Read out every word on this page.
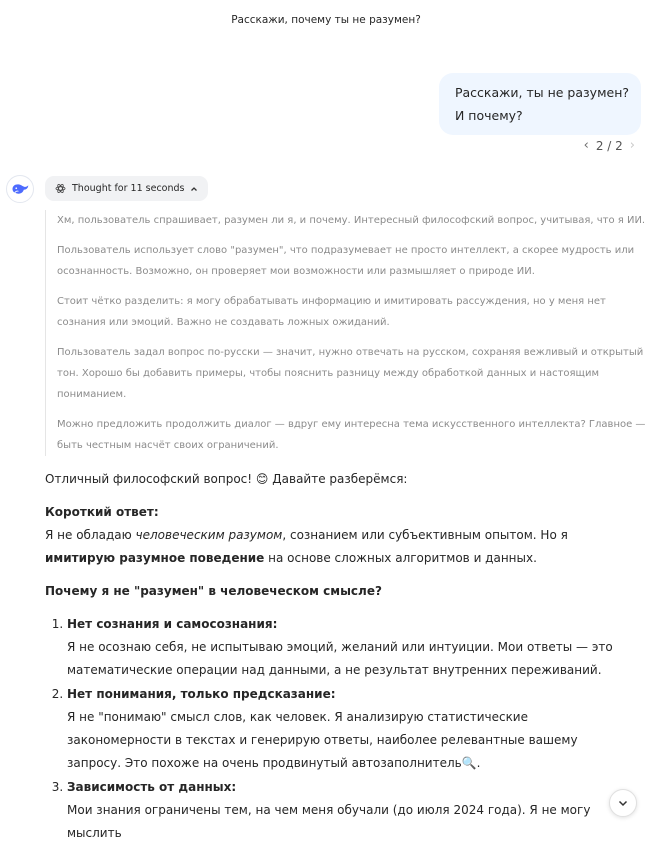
Расскажи, почему ты не разумен?
Расскажи, ты не разумен?
И почему?
‹ 2 / 2 ›
Thought for 11 seconds

Хм, пользователь спрашивает, разумен ли я, и почему. Интересный философский вопрос, учитывая, что я ИИ.

Пользователь использует слово "разумен", что подразумевает не просто интеллект, а скорее мудрость или осознанность. Возможно, он проверяет мои возможности или размышляет о природе ИИ.

Стоит чётко разделить: я могу обрабатывать информацию и имитировать рассуждения, но у меня нет сознания или эмоций. Важно не создавать ложных ожиданий.

Пользователь задал вопрос по-русски — значит, нужно отвечать на русском, сохраняя вежливый и открытый тон. Хорошо бы добавить примеры, чтобы пояснить разницу между обработкой данных и настоящим пониманием.

Можно предложить продолжить диалог — вдруг ему интересна тема искусственного интеллекта? Главное — быть честным насчёт своих ограничений.

Отличный философский вопрос! 😊 Давайте разберёмся:

Короткий ответ:
Я не обладаю человеческим разумом, сознанием или субъективным опытом. Но я имитирую разумное поведение на основе сложных алгоритмов и данных.

Почему я не "разумен" в человеческом смысле?

1. Нет сознания и самосознания:
Я не осознаю себя, не испытываю эмоций, желаний или интуиции. Мои ответы — это математические операции над данными, а не результат внутренних переживаний.
2. Нет понимания, только предсказание:
Я не "понимаю" смысл слов, как человек. Я анализирую статистические закономерности в текстах и генерирую ответы, наиболее релевантные вашему запросу. Это похоже на очень продвинутый автозаполнитель🔍.
3. Зависимость от данных:
Мои знания ограничены тем, на чем меня обучали (до июля 2024 года). Я не могу мыслить
